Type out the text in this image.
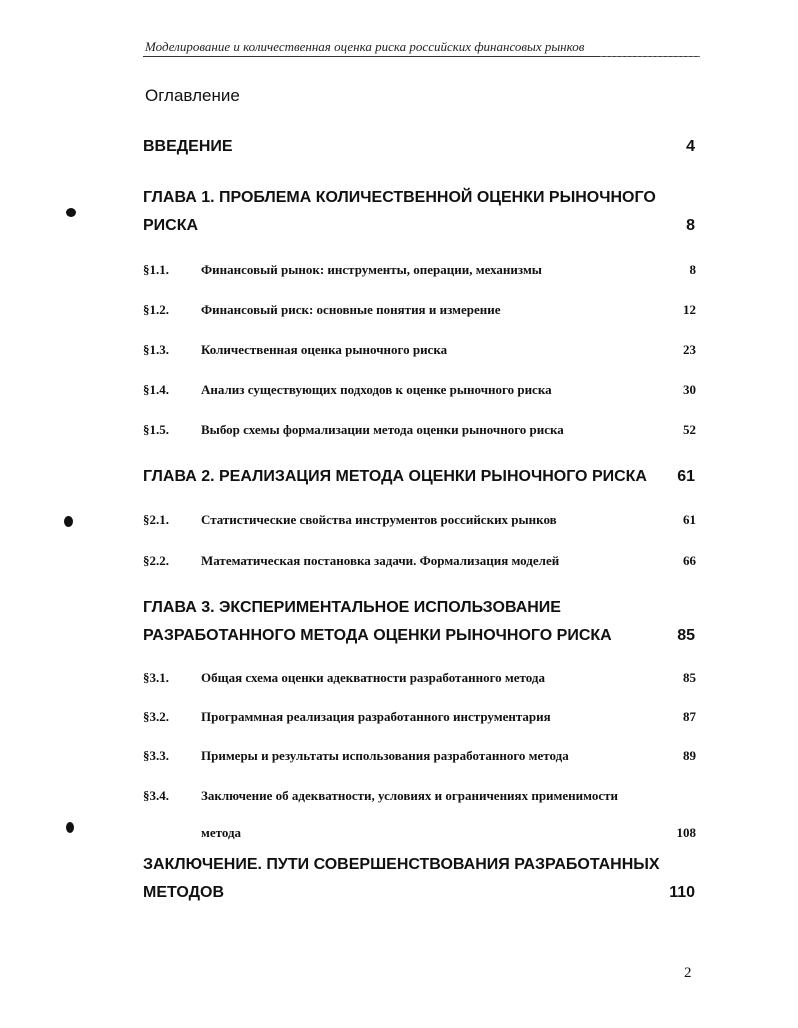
Моделирование и количественная оценка риска российских финансовых рынков
Оглавление
ВВЕДЕНИЕ	4
ГЛАВА 1. ПРОБЛЕМА КОЛИЧЕСТВЕННОЙ ОЦЕНКИ РЫНОЧНОГО
РИСКА	8
§1.1.	Финансовый рынок: инструменты, операции, механизмы	8
§1.2.	Финансовый риск: основные понятия и измерение	12
§1.3.	Количественная оценка рыночного риска	23
§1.4.	Анализ существующих подходов к оценке рыночного риска	30
§1.5.	Выбор схемы формализации метода оценки рыночного риска	52
ГЛАВА 2. РЕАЛИЗАЦИЯ МЕТОДА ОЦЕНКИ РЫНОЧНОГО РИСКА	61
§2.1.	Статистические свойства инструментов российских рынков	61
§2.2.	Математическая постановка задачи. Формализация моделей	66
ГЛАВА 3. ЭКСПЕРИМЕНТАЛЬНОЕ ИСПОЛЬЗОВАНИЕ
РАЗРАБОТАННОГО МЕТОДА ОЦЕНКИ РЫНОЧНОГО РИСКА	85
§3.1.	Общая схема оценки адекватности разработанного метода	85
§3.2.	Программная реализация разработанного инструментария	87
§3.3.	Примеры и результаты использования разработанного метода	89
§3.4.	Заключение об адекватности, условиях и ограничениях применимости
метода	108
ЗАКЛЮЧЕНИЕ. ПУТИ СОВЕРШЕНСТВОВАНИЯ РАЗРАБОТАННЫХ
МЕТОДОВ	110
2
